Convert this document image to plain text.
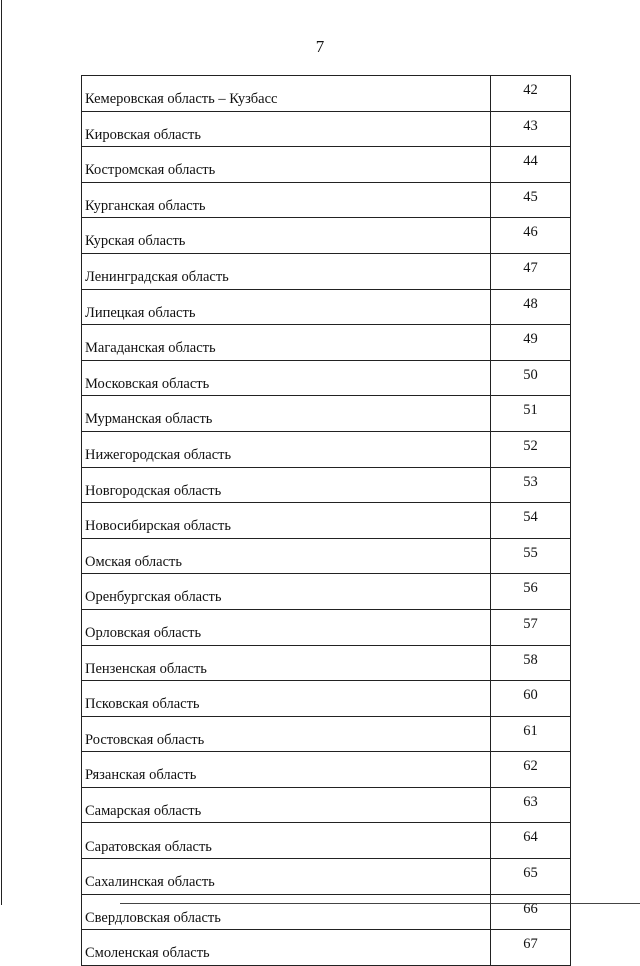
7
Кемеровская область – Кузбасс	42
Кировская область	43
Костромская область	44
Курганская область	45
Курская область	46
Ленинградская область	47
Липецкая область	48
Магаданская область	49
Московская область	50
Мурманская область	51
Нижегородская область	52
Новгородская область	53
Новосибирская область	54
Омская область	55
Оренбургская область	56
Орловская область	57
Пензенская область	58
Псковская область	60
Ростовская область	61
Рязанская область	62
Самарская область	63
Саратовская область	64
Сахалинская область	65
Свердловская область	66
Смоленская область	67
